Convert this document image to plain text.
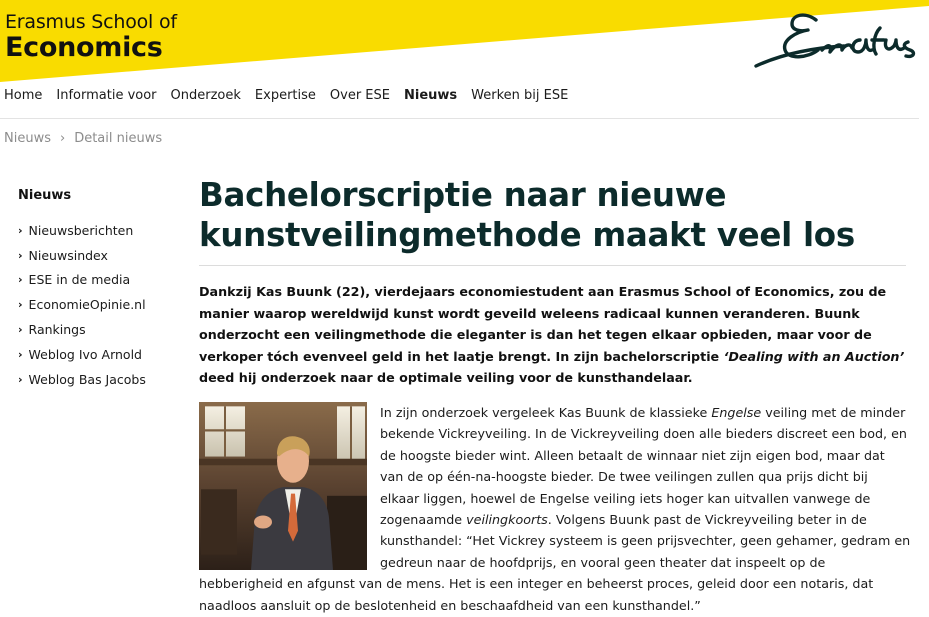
Erasmus School of
Economics
Home Informatie voor Onderzoek Expertise Over ESE Nieuws Werken bij ESE
Nieuws › Detail nieuws
Nieuws
› Nieuwsberichten
› Nieuwsindex
› ESE in de media
› EconomieOpinie.nl
› Rankings
› Weblog Ivo Arnold
› Weblog Bas Jacobs
Bachelorscriptie naar nieuwe kunstveilingmethode maakt veel los

Dankzij Kas Buunk (22), vierdejaars economiestudent aan Erasmus School of Economics, zou de manier waarop wereldwijd kunst wordt geveild weleens radicaal kunnen veranderen. Buunk onderzocht een veilingmethode die eleganter is dan het tegen elkaar opbieden, maar voor de verkoper tóch evenveel geld in het laatje brengt. In zijn bachelorscriptie ‘Dealing with an Auction’ deed hij onderzoek naar de optimale veiling voor de kunsthandelaar.

In zijn onderzoek vergeleek Kas Buunk de klassieke Engelse veiling met de minder bekende Vickreyveiling. In de Vickreyveiling doen alle bieders discreet een bod, en de hoogste bieder wint. Alleen betaalt de winnaar niet zijn eigen bod, maar dat van de op één-na-hoogste bieder. De twee veilingen zullen qua prijs dicht bij elkaar liggen, hoewel de Engelse veiling iets hoger kan uitvallen vanwege de zogenaamde veilingkoorts. Volgens Buunk past de Vickreyveiling beter in de kunsthandel: “Het Vickrey systeem is geen prijsvechter, geen gehamer, gedram en gedreun naar de hoofdprijs, en vooral geen theater dat inspeelt op de hebberigheid en afgunst van de mens. Het is een integer en beheerst proces, geleid door een notaris, dat naadloos aansluit op de beslotenheid en beschaafdheid van een kunsthandel.”
